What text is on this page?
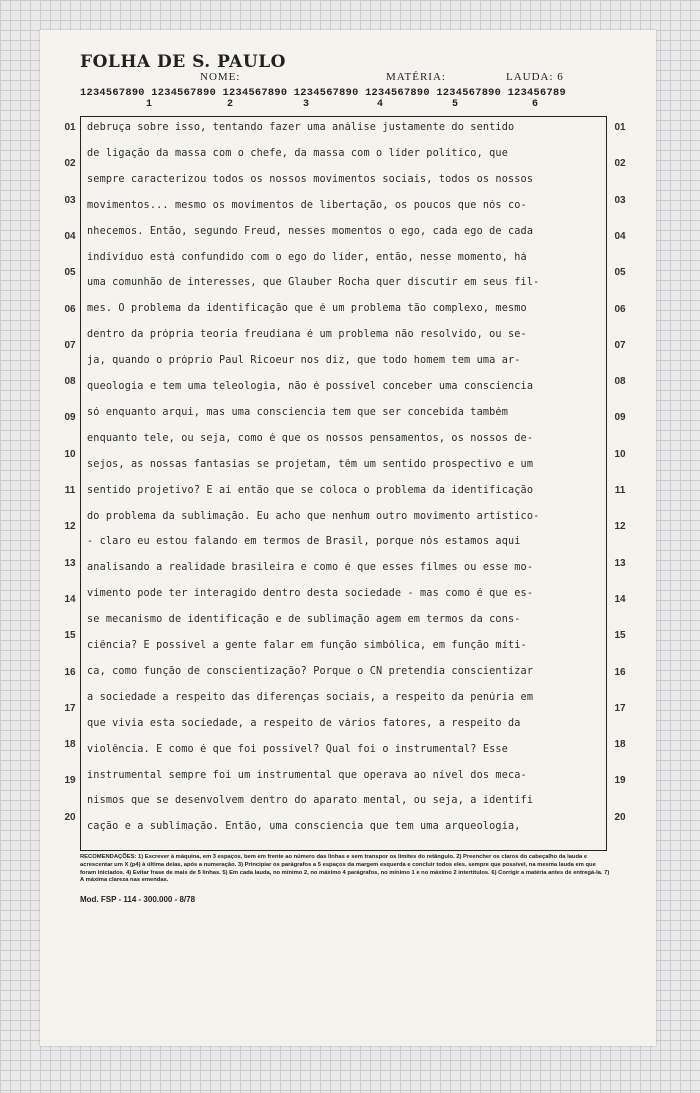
FOLHA DE S. PAULO
NOME:	MATÉRIA:	LAUDA: 6
1234567890 1234567890 1234567890 1234567890 1234567890 1234567890 123456789
1	2	3	4	5	6
01	01
02	02
03	03
04	04
05	05
06	06
07	07
08	08
09	09
10	10
11	11
12	12
13	13
14	14
15	15
16	16
17	17
18	18
19	19
20	20
debruça sobre isso, tentando fazer uma análise justamente do sentido
de ligação da massa com o chefe, da massa com o líder político, que
sempre caracterizou todos os nossos movimentos sociais, todos os nossos
movimentos... mesmo os movimentos de libertação, os poucos que nós co-
nhecemos. Então, segundo Freud, nesses momentos o ego, cada ego de cada
indivíduo está confundido com o ego do líder, então, nesse momento, há
uma comunhão de interesses, que Glauber Rocha quer discutir em seus fil-
mes. O problema da identificação que é um problema tão complexo, mesmo
dentro da própria teoria freudiana é um problema não resolvido, ou se-
ja, quando o próprio Paul Ricoeur nos diz, que todo homem tem uma ar-
queologia e tem uma teleologia, não é possível conceber uma consciencia
só enquanto arqui, mas uma consciencia tem que ser concebida também
enquanto tele, ou seja, como é que os nossos pensamentos, os nossos de-
sejos, as nossas fantasias se projetam, têm um sentido prospectivo e um
sentido projetivo? É aí então que se coloca o problema da identificação
do problema da sublimação. Eu acho que nenhum outro movimento artístico-
- claro eu estou falando em termos de Brasil, porque nós estamos aqui
analisando a realidade brasileira e como é que esses filmes ou esse mo-
vimento pode ter interagido dentro desta sociedade - mas como é que es-
se mecanismo de identificação e de sublimação agem em termos da cons-
ciência? É possível a gente falar em função simbólica, em função míti-
ca, como função de conscientização? Porque o CN pretendia conscientizar
a sociedade a respeito das diferenças sociais, a respeito da penúria em
que vivia esta sociedade, a respeito de vários fatores, a respeito da
violência. E como é que foi possível? Qual foi o instrumental? Esse
instrumental sempre foi um instrumental que operava ao nível dos meca-
nismos que se desenvolvem dentro do aparato mental, ou seja, a identifi
cação e a sublimação. Então, uma consciencia que tem uma arqueologia,
RECOMENDAÇÕES: 1) Escrever à máquina, em 3 espaços, bem em frente ao número das linhas e sem transpor os limites do retângulo. 2) Preencher os claros do cabeçalho da lauda e acrescentar um X (p4) à última delas, após a numeração. 3) Principiar os parágrafos a 5 espaços da margem esquerda e concluir todos eles, sempre que possível, na mesma lauda em que foram iniciados. 4) Evitar frase de mais de 5 linhas. 5) Em cada lauda, no mínimo 2, no máximo 4 parágrafos, no mínimo 1 e no máximo 2 intertítulos. 6) Corrigir a matéria antes de entregá-la. 7) A máxima clareza nas emendas.
Mod. FSP - 114 - 300.000 - 8/78
